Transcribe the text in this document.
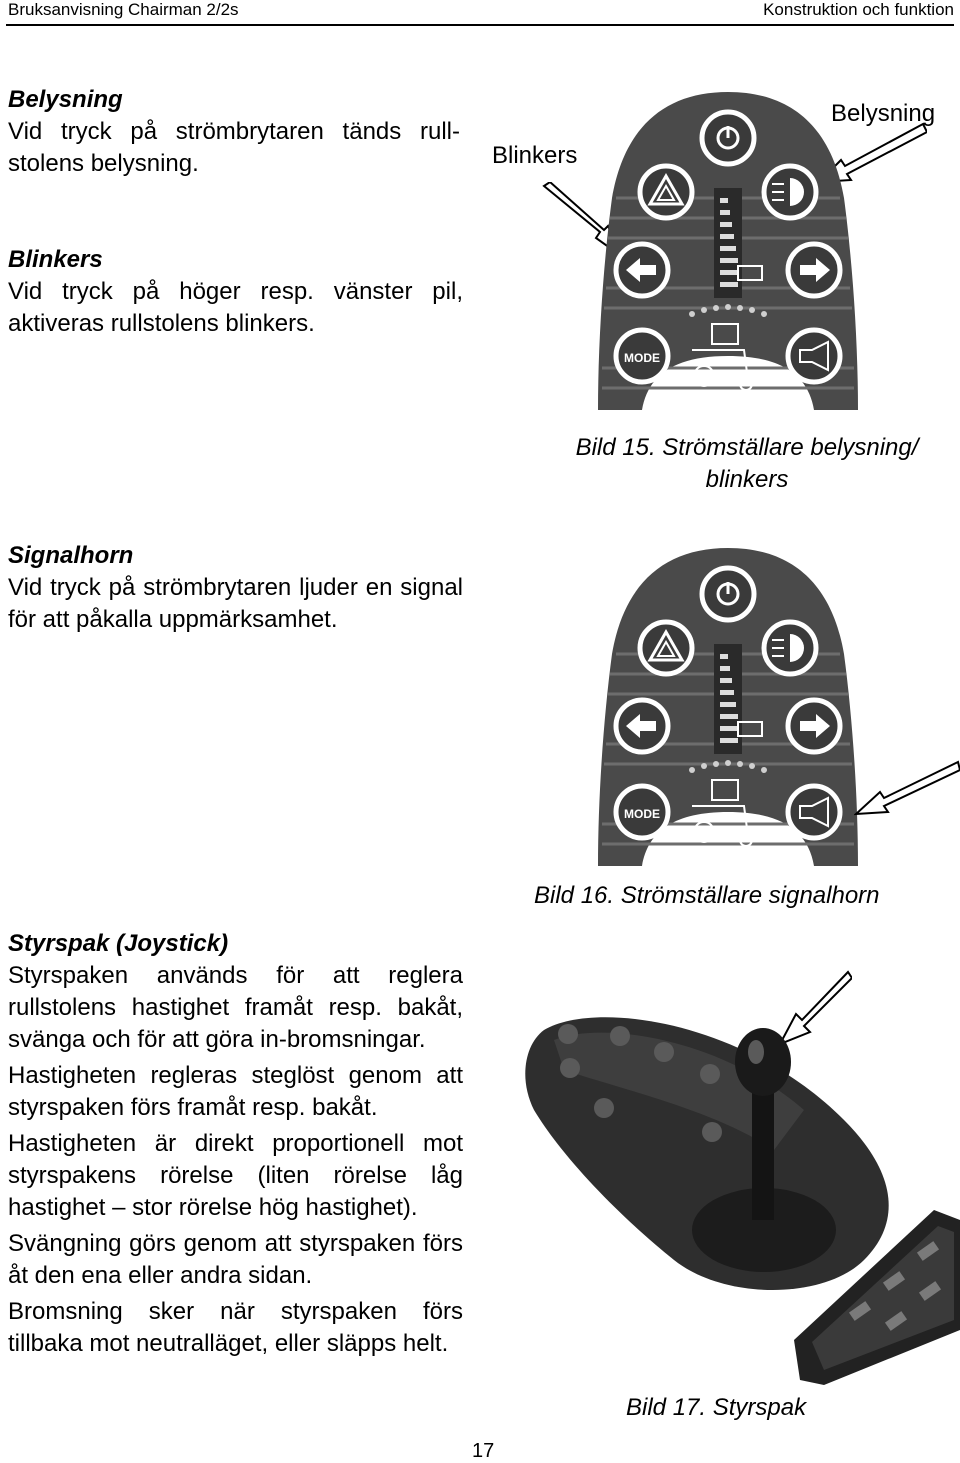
Bruksanvisning Chairman 2/2s	Konstruktion och funktion
Belysning

Vid tryck på strömbrytaren tänds rull-stolens belysning.

Blinkers

Vid tryck på höger resp. vänster pil, aktiveras rullstolens blinkers.

Signalhorn

Vid tryck på strömbrytaren ljuder en signal för att påkalla uppmärksamhet.

Styrspak (Joystick)

Styrspaken används för att reglera rullstolens hastighet framåt resp. bakåt, svänga och för att göra in-bromsningar.

Hastigheten regleras steglöst genom att styrspaken förs framåt resp. bakåt.

Hastigheten är direkt proportionell mot styrspakens rörelse (liten rörelse låg hastighet – stor rörelse hög hastighet).

Svängning görs genom att styrspaken förs åt den ena eller andra sidan.

Bromsning sker när styrspaken förs tillbaka mot neutralläget, eller släpps helt.

Blinkers
Belysning
MODE
Bild 15. Strömställare belysning/
blinkers
MODE
Bild 16. Strömställare signalhorn
Bild 17. Styrspak
17
